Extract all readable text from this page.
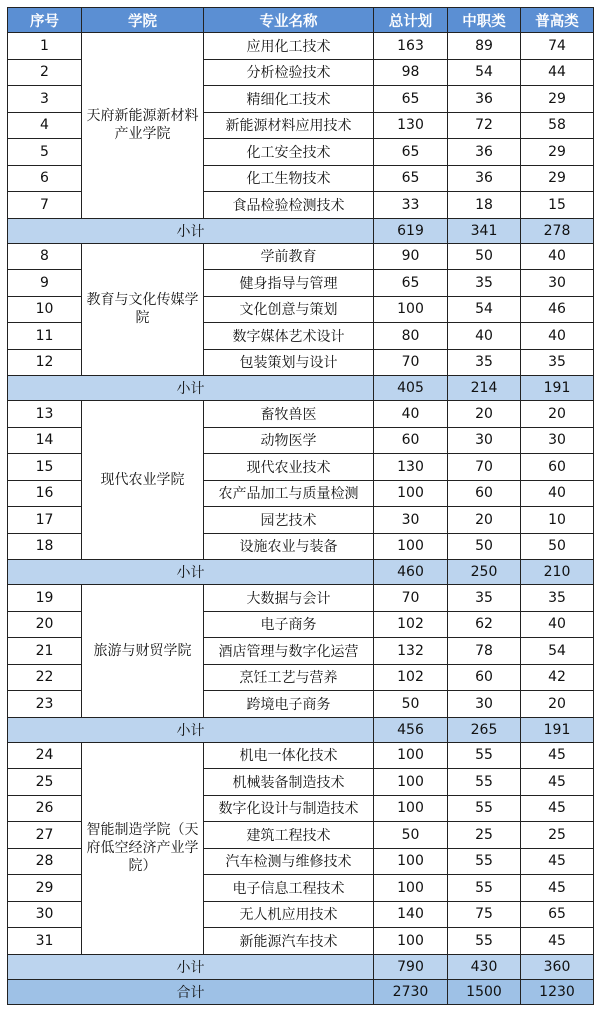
序号	学院	专业名称	总计划	中职类	普高类
1	天府新能源新材料产业学院	应用化工技术	163	89	74
2		分析检验技术	98	54	44
3		精细化工技术	65	36	29
4		新能源材料应用技术	130	72	58
5		化工安全技术	65	36	29
6		化工生物技术	65	36	29
7		食品检验检测技术	33	18	15
小计			619	341	278
8	教育与文化传媒学院	学前教育	90	50	40
9		健身指导与管理	65	35	30
10		文化创意与策划	100	54	46
11		数字媒体艺术设计	80	40	40
12		包装策划与设计	70	35	35
小计			405	214	191
13	现代农业学院	畜牧兽医	40	20	20
14		动物医学	60	30	30
15		现代农业技术	130	70	60
16		农产品加工与质量检测	100	60	40
17		园艺技术	30	20	10
18		设施农业与装备	100	50	50
小计			460	250	210
19	旅游与财贸学院	大数据与会计	70	35	35
20		电子商务	102	62	40
21		酒店管理与数字化运营	132	78	54
22		烹饪工艺与营养	102	60	42
23		跨境电子商务	50	30	20
小计			456	265	191
24	智能制造学院（天府低空经济产业学院）	机电一体化技术	100	55	45
25		机械装备制造技术	100	55	45
26		数字化设计与制造技术	100	55	45
27		建筑工程技术	50	25	25
28		汽车检测与维修技术	100	55	45
29		电子信息工程技术	100	55	45
30		无人机应用技术	140	75	65
31		新能源汽车技术	100	55	45
小计			790	430	360
合计			2730	1500	1230
